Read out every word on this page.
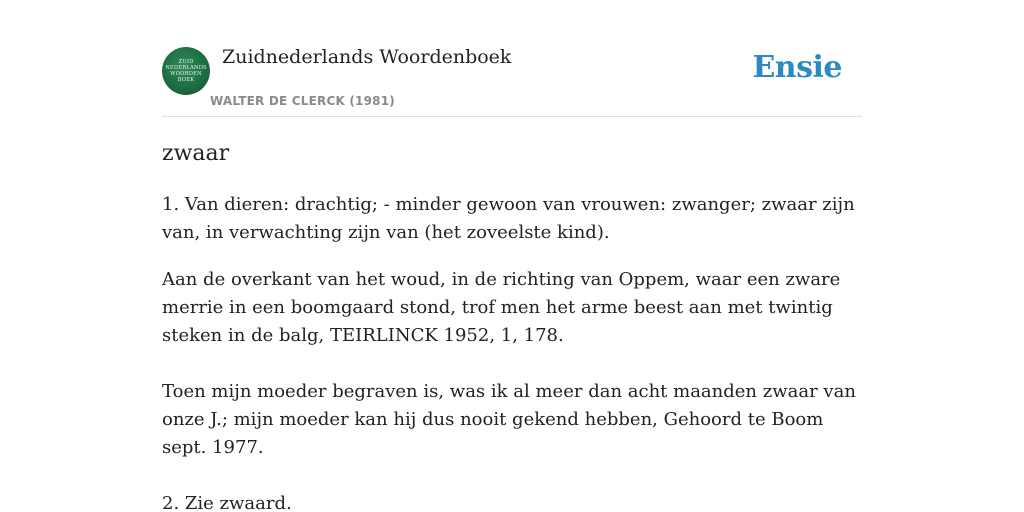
ZUID
NEDERLANDS
WOORDEN
BOEK
Zuidnederlands Woordenboek
WALTER DE CLERCK (1981)
Ensie
zwaar

1. Van dieren: drachtig; - minder gewoon van vrouwen: zwanger; zwaar zijn van, in verwachting zijn van (het zoveelste kind).

Aan de overkant van het woud, in de richting van Oppem, waar een zware merrie in een boomgaard stond, trof men het arme beest aan met twintig steken in de balg, TEIRLINCK 1952, 1, 178.

Toen mijn moeder begraven is, was ik al meer dan acht maanden zwaar van onze J.; mijn moeder kan hij dus nooit gekend hebben, Gehoord te Boom sept. 1977.

2. Zie zwaard.
